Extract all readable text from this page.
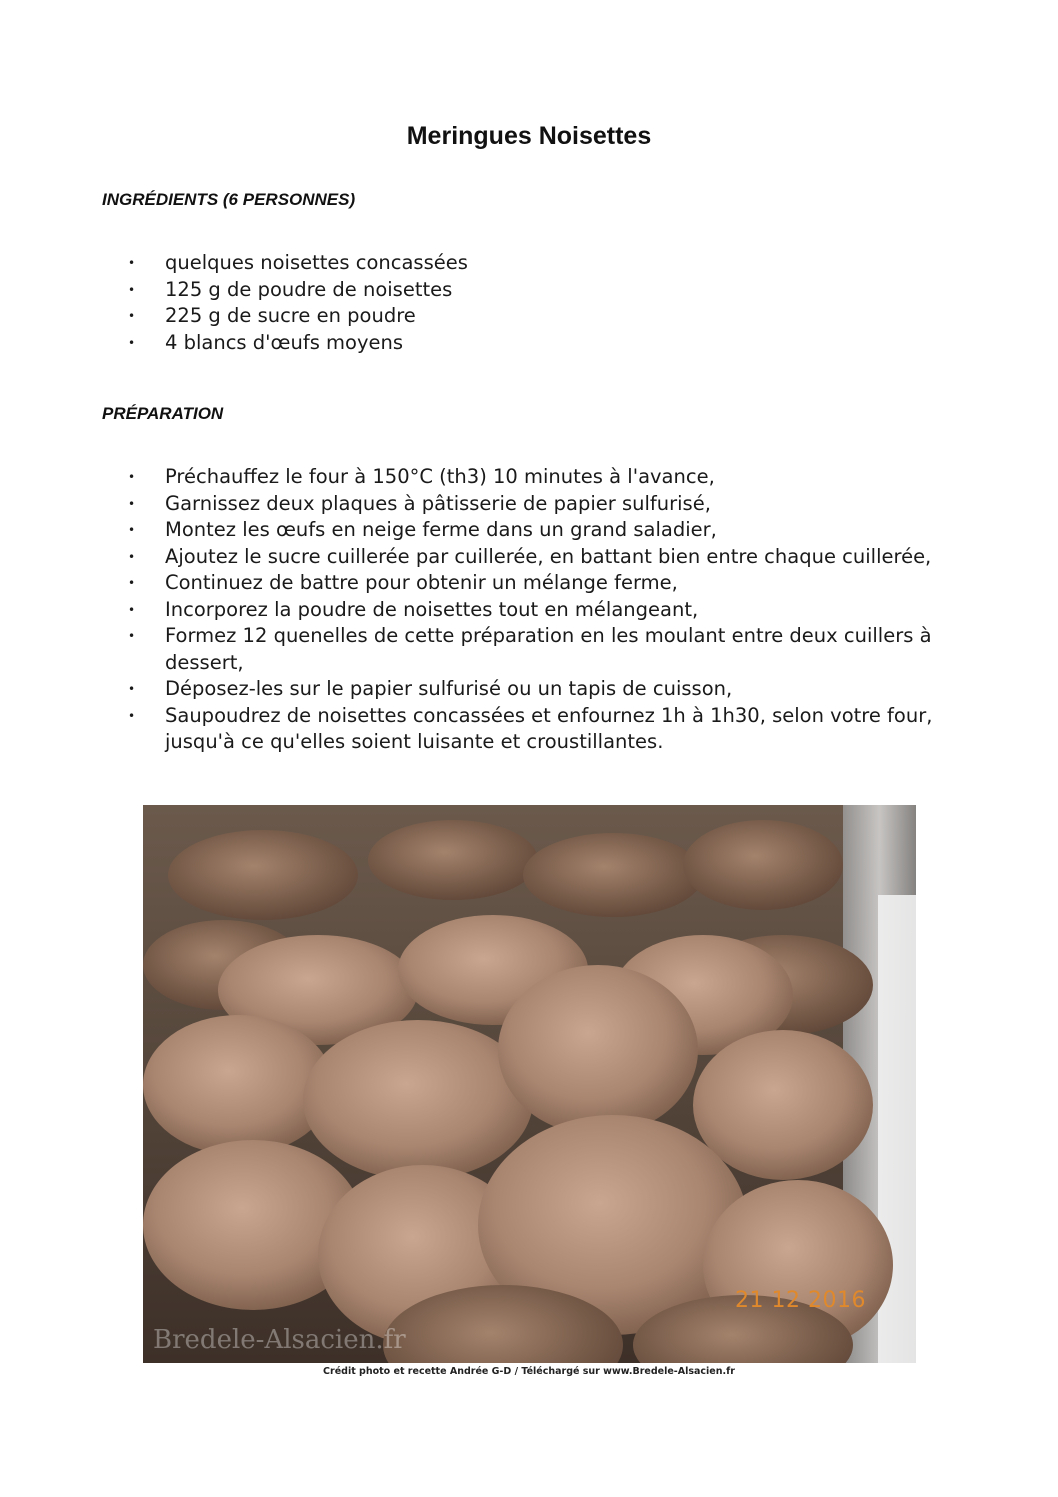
Meringues Noisettes
INGRÉDIENTS (6 PERSONNES)
• quelques noisettes concassées
• 125 g de poudre de noisettes
• 225 g de sucre en poudre
• 4 blancs d'œufs moyens
PRÉPARATION
• Préchauffez le four à 150°C (th3) 10 minutes à l'avance,
• Garnissez deux plaques à pâtisserie de papier sulfurisé,
• Montez les œufs en neige ferme dans un grand saladier,
• Ajoutez le sucre cuillerée par cuillerée, en battant bien entre chaque cuillerée,
• Continuez de battre pour obtenir un mélange ferme,
• Incorporez la poudre de noisettes tout en mélangeant,
• Formez 12 quenelles de cette préparation en les moulant entre deux cuillers à dessert,
• Déposez-les sur le papier sulfurisé ou un tapis de cuisson,
• Saupoudrez de noisettes concassées et enfournez 1h à 1h30, selon votre four, jusqu'à ce qu'elles soient luisante et croustillantes.
21 12 2016
Bredele-Alsacien.fr
Crédit photo et recette Andrée G-D / Téléchargé sur www.Bredele-Alsacien.fr
